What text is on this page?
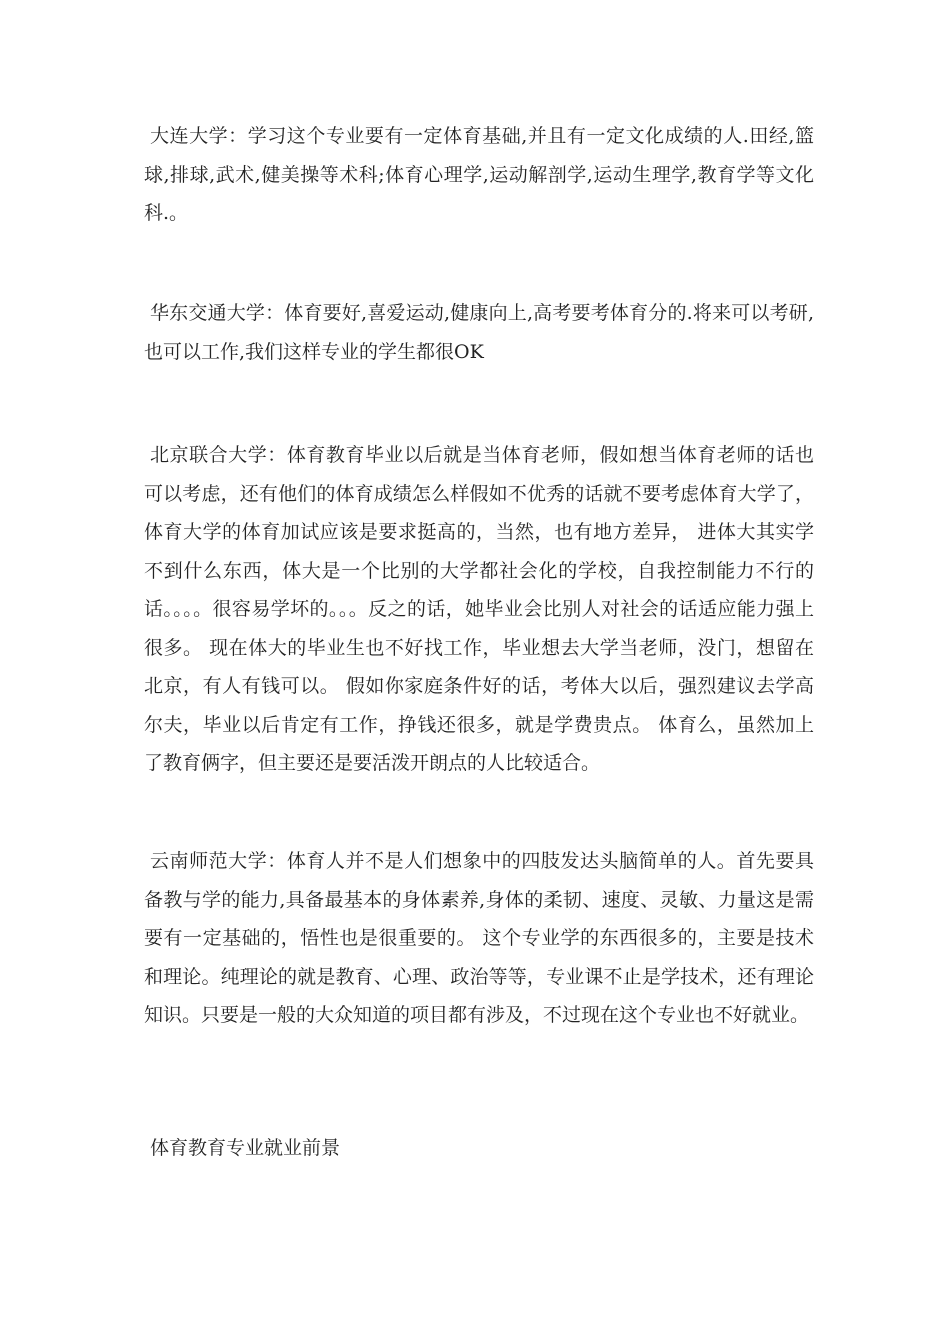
大连大学：学习这个专业要有一定体育基础,并且有一定文化成绩的人.田经,篮球,排球,武术,健美操等术科;体育心理学,运动解剖学,运动生理学,教育学等文化科.。

华东交通大学：体育要好,喜爱运动,健康向上,高考要考体育分的.将来可以考研,也可以工作,我们这样专业的学生都很OK

北京联合大学：体育教育毕业以后就是当体育老师，假如想当体育老师的话也可以考虑，还有他们的体育成绩怎么样假如不优秀的话就不要考虑体育大学了，体育大学的体育加试应该是要求挺高的，当然，也有地方差异， 进体大其实学不到什么东西，体大是一个比别的大学都社会化的学校，自我控制能力不行的话。。。。很容易学坏的。。。反之的话，她毕业会比别人对社会的话适应能力强上很多。 现在体大的毕业生也不好找工作，毕业想去大学当老师，没门，想留在北京，有人有钱可以。 假如你家庭条件好的话，考体大以后，强烈建议去学高尔夫，毕业以后肯定有工作，挣钱还很多，就是学费贵点。 体育么，虽然加上了教育俩字，但主要还是要活泼开朗点的人比较适合。

云南师范大学：体育人并不是人们想象中的四肢发达头脑简单的人。首先要具备教与学的能力,具备最基本的身体素养,身体的柔韧、速度、灵敏、力量这是需要有一定基础的，悟性也是很重要的。 这个专业学的东西很多的，主要是技术和理论。纯理论的就是教育、心理、政治等等，专业课不止是学技术，还有理论知识。只要是一般的大众知道的项目都有涉及，不过现在这个专业也不好就业。

体育教育专业就业前景
